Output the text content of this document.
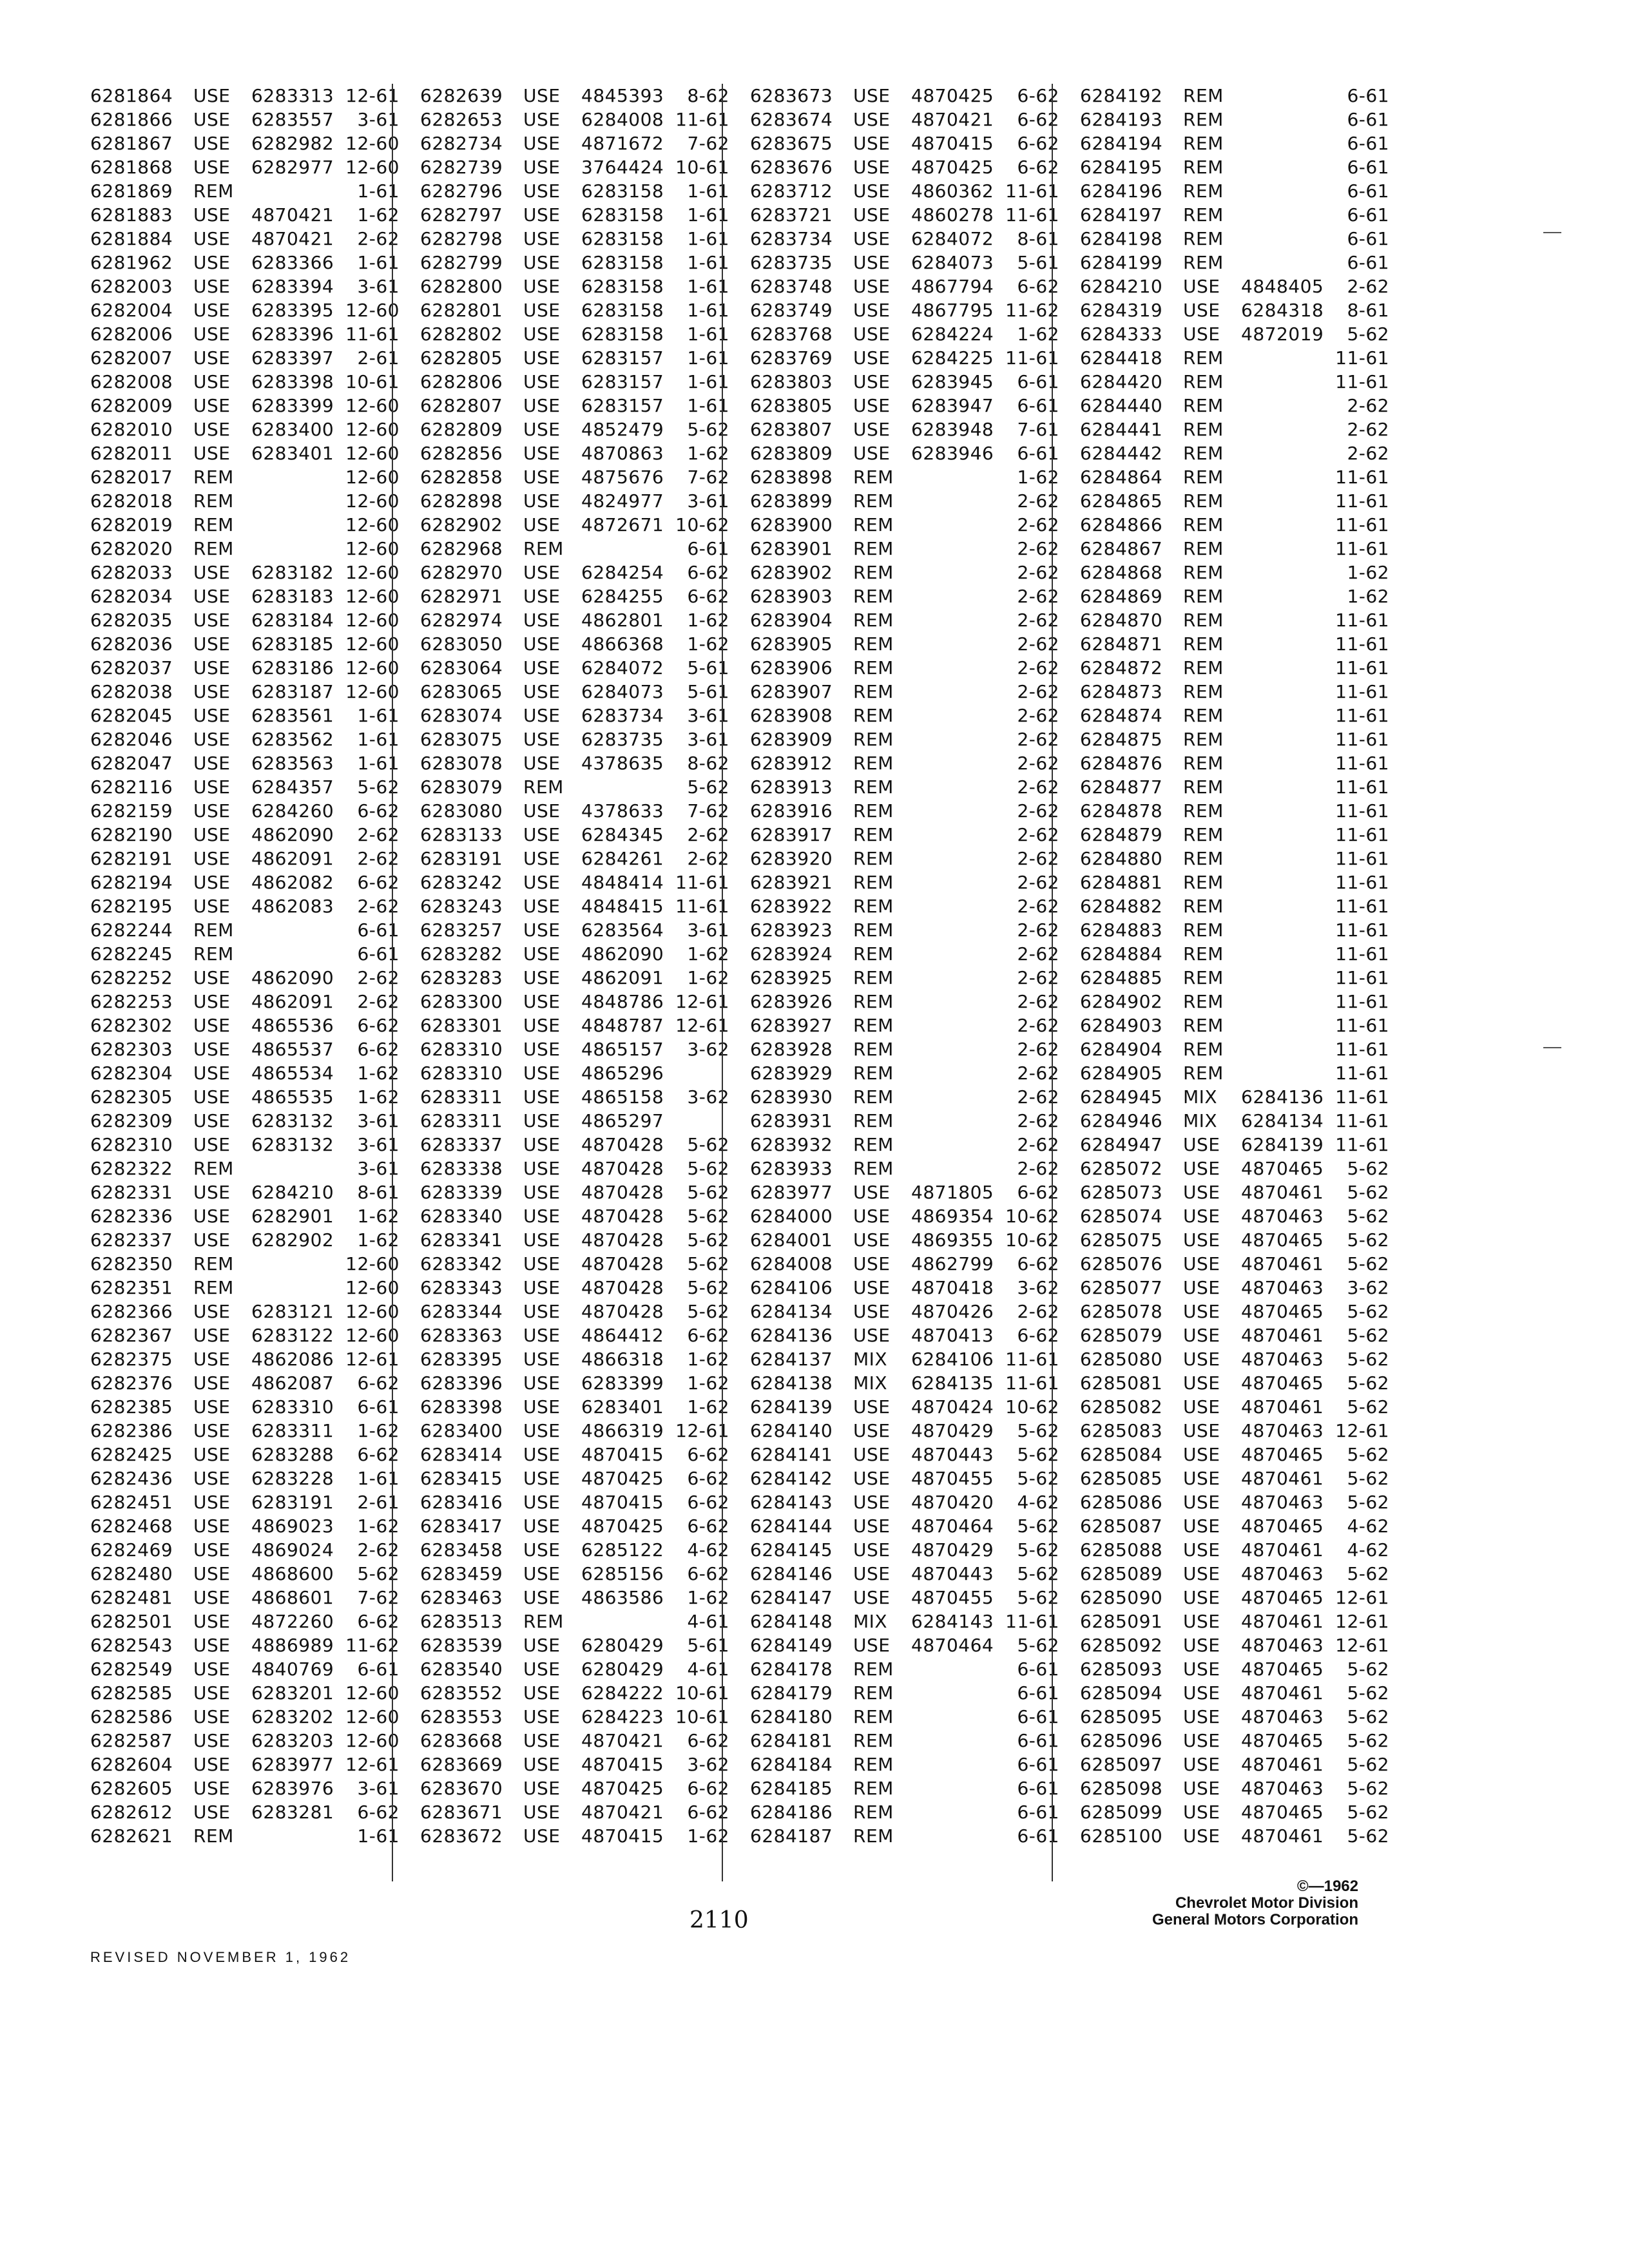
6281864	USE	6283313 12-61
6281866	USE	6283557	3-61
6281867	USE	6282982 12-60
6281868	USE	6282977 12-60
6281869	REM	1-61
6281883	USE	4870421	1-62
6281884	USE	4870421	2-62
6281962	USE	6283366	1-61
6282003	USE	6283394	3-61
6282004	USE	6283395 12-60
6282006	USE	6283396 11-61
6282007	USE	6283397	2-61
6282008	USE	6283398 10-61
6282009	USE	6283399 12-60
6282010	USE	6283400 12-60
6282011	USE	6283401 12-60
6282017	REM	12-60
6282018	REM	12-60
6282019	REM	12-60
6282020	REM	12-60
6282033	USE	6283182 12-60
6282034	USE	6283183 12-60
6282035	USE	6283184 12-60
6282036	USE	6283185 12-60
6282037	USE	6283186 12-60
6282038	USE	6283187 12-60
6282045	USE	6283561	1-61
6282046	USE	6283562	1-61
6282047	USE	6283563	1-61
6282116	USE	6284357	5-62
6282159	USE	6284260	6-62
6282190	USE	4862090	2-62
6282191	USE	4862091	2-62
6282194	USE	4862082	6-62
6282195	USE	4862083	2-62
6282244	REM	6-61
6282245	REM	6-61
6282252	USE	4862090	2-62
6282253	USE	4862091	2-62
6282302	USE	4865536	6-62
6282303	USE	4865537	6-62
6282304	USE	4865534	1-62
6282305	USE	4865535	1-62
6282309	USE	6283132	3-61
6282310	USE	6283132	3-61
6282322	REM	3-61
6282331	USE	6284210	8-61
6282336	USE	6282901	1-62
6282337	USE	6282902	1-62
6282350	REM	12-60
6282351	REM	12-60
6282366	USE	6283121 12-60
6282367	USE	6283122 12-60
6282375	USE	4862086 12-61
6282376	USE	4862087	6-62
6282385	USE	6283310	6-61
6282386	USE	6283311	1-62
6282425	USE	6283288	6-62
6282436	USE	6283228	1-61
6282451	USE	6283191	2-61
6282468	USE	4869023	1-62
6282469	USE	4869024	2-62
6282480	USE	4868600	5-62
6282481	USE	4868601	7-62
6282501	USE	4872260	6-62
6282543	USE	4886989 11-62
6282549	USE	4840769	6-61
6282585	USE	6283201 12-60
6282586	USE	6283202 12-60
6282587	USE	6283203 12-60
6282604	USE	6283977 12-61
6282605	USE	6283976	3-61
6282612	USE	6283281	6-62
6282621	REM	1-61
6282639	USE	4845393	8-62
6282653	USE	6284008 11-61
6282734	USE	4871672	7-62
6282739	USE	3764424 10-61
6282796	USE	6283158	1-61
6282797	USE	6283158	1-61
6282798	USE	6283158	1-61
6282799	USE	6283158	1-61
6282800	USE	6283158	1-61
6282801	USE	6283158	1-61
6282802	USE	6283158	1-61
6282805	USE	6283157	1-61
6282806	USE	6283157	1-61
6282807	USE	6283157	1-61
6282809	USE	4852479	5-62
6282856	USE	4870863	1-62
6282858	USE	4875676	7-62
6282898	USE	4824977	3-61
6282902	USE	4872671 10-62
6282968	REM	6-61
6282970	USE	6284254	6-62
6282971	USE	6284255	6-62
6282974	USE	4862801	1-62
6283050	USE	4866368	1-62
6283064	USE	6284072	5-61
6283065	USE	6284073	5-61
6283074	USE	6283734	3-61
6283075	USE	6283735	3-61
6283078	USE	4378635	8-62
6283079	REM	5-62
6283080	USE	4378633	7-62
6283133	USE	6284345	2-62
6283191	USE	6284261	2-62
6283242	USE	4848414 11-61
6283243	USE	4848415 11-61
6283257	USE	6283564	3-61
6283282	USE	4862090	1-62
6283283	USE	4862091	1-62
6283300	USE	4848786 12-61
6283301	USE	4848787 12-61
6283310	USE	4865157	3-62
6283310	USE	4865296
6283311	USE	4865158	3-62
6283311	USE	4865297
6283337	USE	4870428	5-62
6283338	USE	4870428	5-62
6283339	USE	4870428	5-62
6283340	USE	4870428	5-62
6283341	USE	4870428	5-62
6283342	USE	4870428	5-62
6283343	USE	4870428	5-62
6283344	USE	4870428	5-62
6283363	USE	4864412	6-62
6283395	USE	4866318	1-62
6283396	USE	6283399	1-62
6283398	USE	6283401	1-62
6283400	USE	4866319 12-61
6283414	USE	4870415	6-62
6283415	USE	4870425	6-62
6283416	USE	4870415	6-62
6283417	USE	4870425	6-62
6283458	USE	6285122	4-62
6283459	USE	6285156	6-62
6283463	USE	4863586	1-62
6283513	REM	4-61
6283539	USE	6280429	5-61
6283540	USE	6280429	4-61
6283552	USE	6284222 10-61
6283553	USE	6284223 10-61
6283668	USE	4870421	6-62
6283669	USE	4870415	3-62
6283670	USE	4870425	6-62
6283671	USE	4870421	6-62
6283672	USE	4870415	1-62
6283673	USE	4870425	6-62
6283674	USE	4870421	6-62
6283675	USE	4870415	6-62
6283676	USE	4870425	6-62
6283712	USE	4860362 11-61
6283721	USE	4860278 11-61
6283734	USE	6284072	8-61
6283735	USE	6284073	5-61
6283748	USE	4867794	6-62
6283749	USE	4867795 11-62
6283768	USE	6284224	1-62
6283769	USE	6284225 11-61
6283803	USE	6283945	6-61
6283805	USE	6283947	6-61
6283807	USE	6283948	7-61
6283809	USE	6283946	6-61
6283898	REM	1-62
6283899	REM	2-62
6283900	REM	2-62
6283901	REM	2-62
6283902	REM	2-62
6283903	REM	2-62
6283904	REM	2-62
6283905	REM	2-62
6283906	REM	2-62
6283907	REM	2-62
6283908	REM	2-62
6283909	REM	2-62
6283912	REM	2-62
6283913	REM	2-62
6283916	REM	2-62
6283917	REM	2-62
6283920	REM	2-62
6283921	REM	2-62
6283922	REM	2-62
6283923	REM	2-62
6283924	REM	2-62
6283925	REM	2-62
6283926	REM	2-62
6283927	REM	2-62
6283928	REM	2-62
6283929	REM	2-62
6283930	REM	2-62
6283931	REM	2-62
6283932	REM	2-62
6283933	REM	2-62
6283977	USE	4871805	6-62
6284000	USE	4869354 10-62
6284001	USE	4869355 10-62
6284008	USE	4862799	6-62
6284106	USE	4870418	3-62
6284134	USE	4870426	2-62
6284136	USE	4870413	6-62
6284137	MIX	6284106 11-61
6284138	MIX	6284135 11-61
6284139	USE	4870424 10-62
6284140	USE	4870429	5-62
6284141	USE	4870443	5-62
6284142	USE	4870455	5-62
6284143	USE	4870420	4-62
6284144	USE	4870464	5-62
6284145	USE	4870429	5-62
6284146	USE	4870443	5-62
6284147	USE	4870455	5-62
6284148	MIX	6284143 11-61
6284149	USE	4870464	5-62
6284178	REM	6-61
6284179	REM	6-61
6284180	REM	6-61
6284181	REM	6-61
6284184	REM	6-61
6284185	REM	6-61
6284186	REM	6-61
6284187	REM	6-61
6284192	REM	6-61
6284193	REM	6-61
6284194	REM	6-61
6284195	REM	6-61
6284196	REM	6-61
6284197	REM	6-61
6284198	REM	6-61
6284199	REM	6-61
6284210	USE	4848405	2-62
6284319	USE	6284318	8-61
6284333	USE	4872019	5-62
6284418	REM	11-61
6284420	REM	11-61
6284440	REM	2-62
6284441	REM	2-62
6284442	REM	2-62
6284864	REM	11-61
6284865	REM	11-61
6284866	REM	11-61
6284867	REM	11-61
6284868	REM	1-62
6284869	REM	1-62
6284870	REM	11-61
6284871	REM	11-61
6284872	REM	11-61
6284873	REM	11-61
6284874	REM	11-61
6284875	REM	11-61
6284876	REM	11-61
6284877	REM	11-61
6284878	REM	11-61
6284879	REM	11-61
6284880	REM	11-61
6284881	REM	11-61
6284882	REM	11-61
6284883	REM	11-61
6284884	REM	11-61
6284885	REM	11-61
6284902	REM	11-61
6284903	REM	11-61
6284904	REM	11-61
6284905	REM	11-61
6284945	MIX	6284136 11-61
6284946	MIX	6284134 11-61
6284947	USE	6284139 11-61
6285072	USE	4870465	5-62
6285073	USE	4870461	5-62
6285074	USE	4870463	5-62
6285075	USE	4870465	5-62
6285076	USE	4870461	5-62
6285077	USE	4870463	3-62
6285078	USE	4870465	5-62
6285079	USE	4870461	5-62
6285080	USE	4870463	5-62
6285081	USE	4870465	5-62
6285082	USE	4870461	5-62
6285083	USE	4870463 12-61
6285084	USE	4870465	5-62
6285085	USE	4870461	5-62
6285086	USE	4870463	5-62
6285087	USE	4870465	4-62
6285088	USE	4870461	4-62
6285089	USE	4870463	5-62
6285090	USE	4870465 12-61
6285091	USE	4870461 12-61
6285092	USE	4870463 12-61
6285093	USE	4870465	5-62
6285094	USE	4870461	5-62
6285095	USE	4870463	5-62
6285096	USE	4870465	5-62
6285097	USE	4870461	5-62
6285098	USE	4870463	5-62
6285099	USE	4870465	5-62
6285100	USE	4870461	5-62
2110
©—1962
Chevrolet Motor Division
General Motors Corporation
REVISED NOVEMBER 1, 1962
